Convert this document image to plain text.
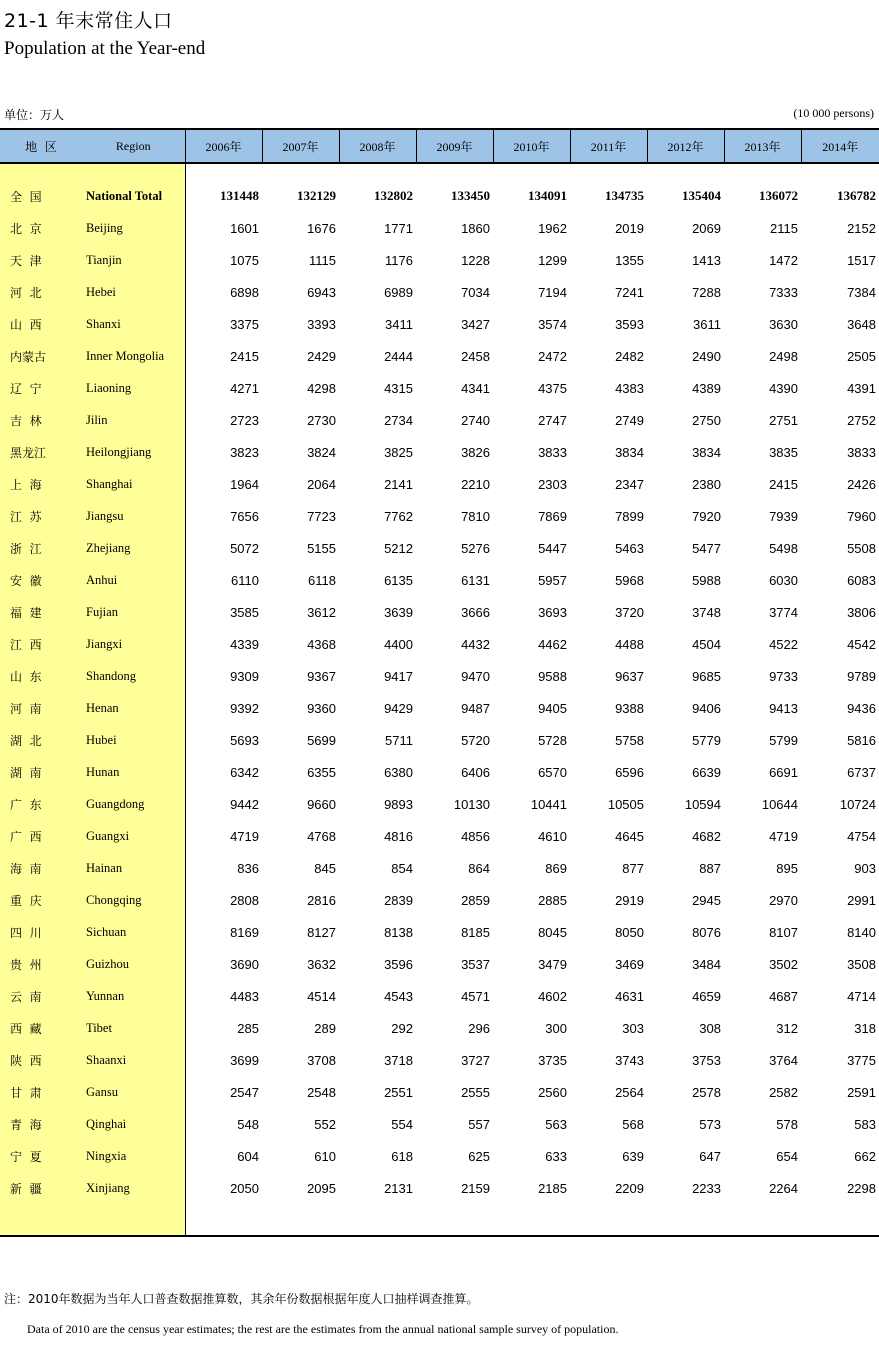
21-1 年末常住人口
Population at the Year-end
单位：万人	(10 000 persons)
地  区	Region	2006年	2007年	2008年	2009年	2010年	2011年	2012年	2013年	2014年

全  国	National Total	131448	132129	132802	133450	134091	134735	135404	136072	136782
北  京	Beijing	1601	1676	1771	1860	1962	2019	2069	2115	2152
天  津	Tianjin	1075	1115	1176	1228	1299	1355	1413	1472	1517
河  北	Hebei	6898	6943	6989	7034	7194	7241	7288	7333	7384
山  西	Shanxi	3375	3393	3411	3427	3574	3593	3611	3630	3648
内蒙古	Inner Mongolia	2415	2429	2444	2458	2472	2482	2490	2498	2505
辽  宁	Liaoning	4271	4298	4315	4341	4375	4383	4389	4390	4391
吉  林	Jilin	2723	2730	2734	2740	2747	2749	2750	2751	2752
黑龙江	Heilongjiang	3823	3824	3825	3826	3833	3834	3834	3835	3833
上  海	Shanghai	1964	2064	2141	2210	2303	2347	2380	2415	2426
江  苏	Jiangsu	7656	7723	7762	7810	7869	7899	7920	7939	7960
浙  江	Zhejiang	5072	5155	5212	5276	5447	5463	5477	5498	5508
安  徽	Anhui	6110	6118	6135	6131	5957	5968	5988	6030	6083
福  建	Fujian	3585	3612	3639	3666	3693	3720	3748	3774	3806
江  西	Jiangxi	4339	4368	4400	4432	4462	4488	4504	4522	4542
山  东	Shandong	9309	9367	9417	9470	9588	9637	9685	9733	9789
河  南	Henan	9392	9360	9429	9487	9405	9388	9406	9413	9436
湖  北	Hubei	5693	5699	5711	5720	5728	5758	5779	5799	5816
湖  南	Hunan	6342	6355	6380	6406	6570	6596	6639	6691	6737
广  东	Guangdong	9442	9660	9893	10130	10441	10505	10594	10644	10724
广  西	Guangxi	4719	4768	4816	4856	4610	4645	4682	4719	4754
海  南	Hainan	836	845	854	864	869	877	887	895	903
重  庆	Chongqing	2808	2816	2839	2859	2885	2919	2945	2970	2991
四  川	Sichuan	8169	8127	8138	8185	8045	8050	8076	8107	8140
贵  州	Guizhou	3690	3632	3596	3537	3479	3469	3484	3502	3508
云  南	Yunnan	4483	4514	4543	4571	4602	4631	4659	4687	4714
西  藏	Tibet	285	289	292	296	300	303	308	312	318
陕  西	Shaanxi	3699	3708	3718	3727	3735	3743	3753	3764	3775
甘  肃	Gansu	2547	2548	2551	2555	2560	2564	2578	2582	2591
青  海	Qinghai	548	552	554	557	563	568	573	578	583
宁  夏	Ningxia	604	610	618	625	633	639	647	654	662
新  疆	Xinjiang	2050	2095	2131	2159	2185	2209	2233	2264	2298

注：2010年数据为当年人口普查数据推算数，其余年份数据根据年度人口抽样调查推算。
Data of 2010 are the census year estimates; the rest are the estimates from the annual national sample survey of population.
